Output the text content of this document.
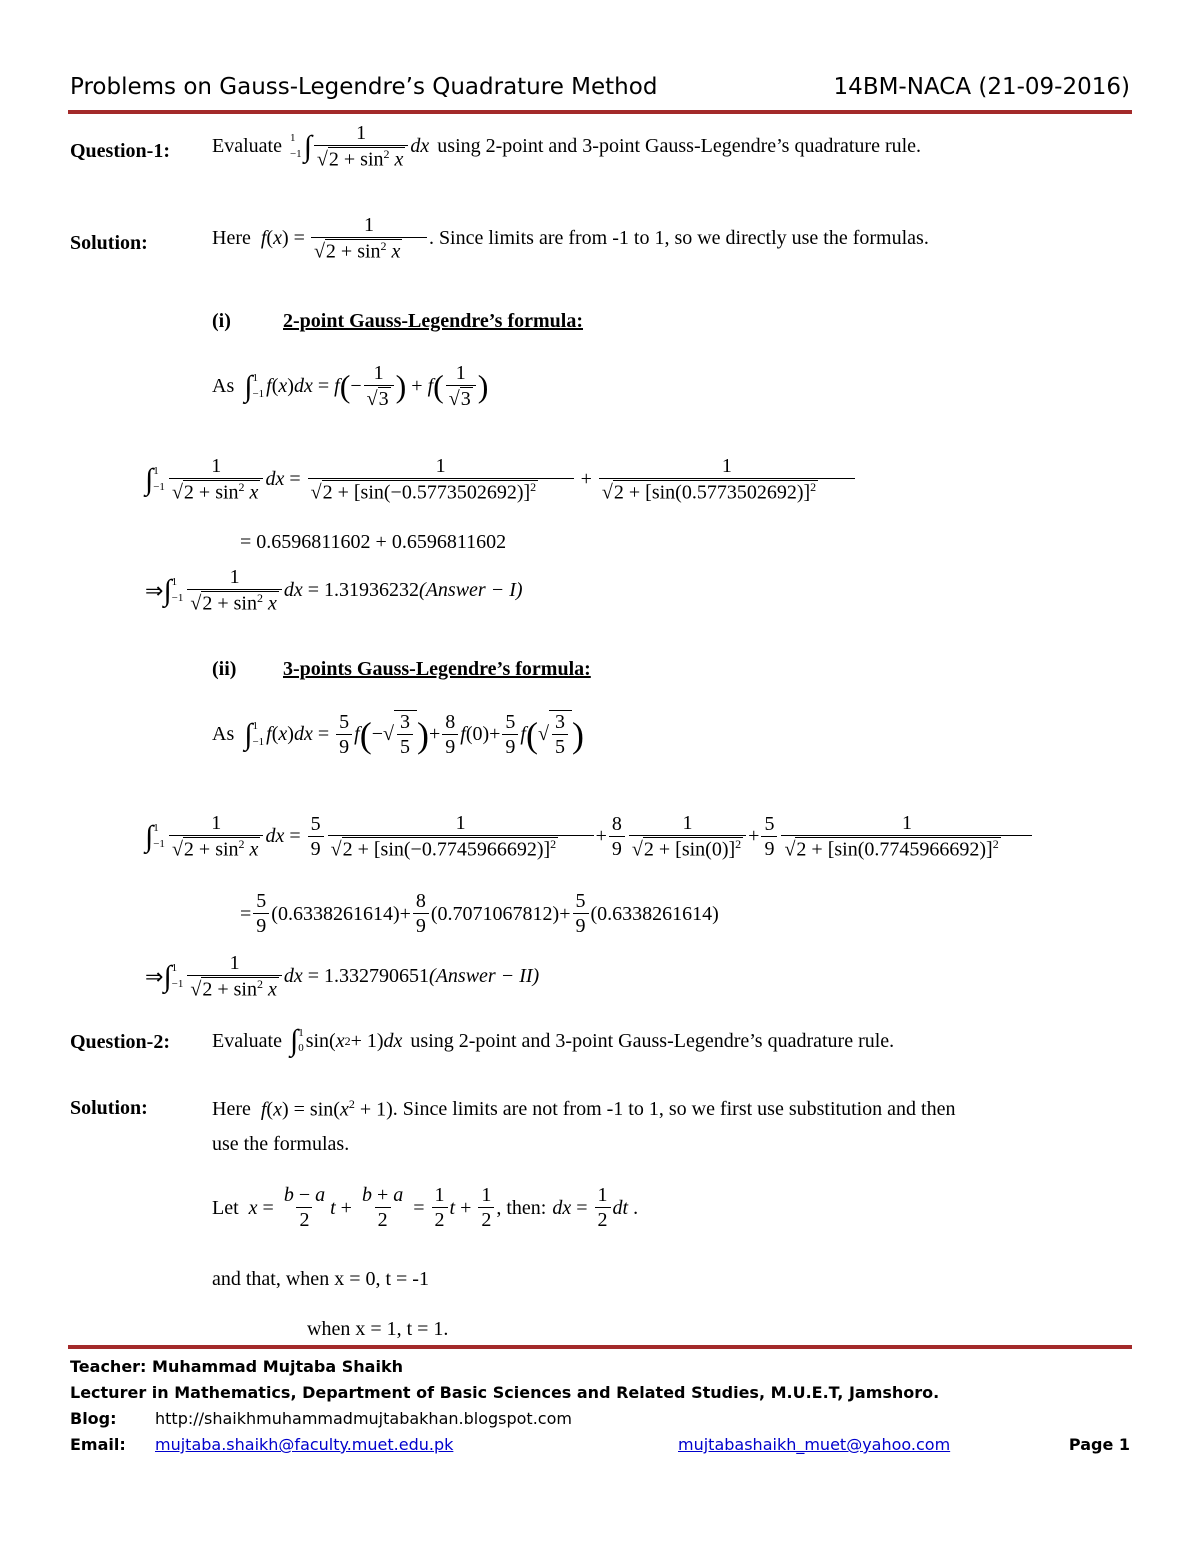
Problems on Gauss-Legendre’s Quadrature Method	14BM-NACA (21-09-2016)
Question-1: Evaluate 1
−1 ∫ $\frac{1}{√2 + \sin^2 x}$ dx using 2-point and 3-point Gauss-Legendre’s quadrature rule.
Solution:	Here $f(x) = \frac{1}{√2 + \sin^2 x}$ . Since limits are from -1 to 1, so we directly use the formulas.
(i)	2-point Gauss-Legendre’s formula:
As ∫ 1
−1 f ( x ) dx = f ( − $\frac{1}{√3}$ ) + f ( $\frac{1}{√3}$ )
∫ 1
$-1 \frac{1}{√2 + \sin^2 x}$ dx = $\frac{1}{√2 + [\sin(-0.5773502692)]^2} + \frac{1}{√2 + [\sin(0.5773502692)]^2}$
= 0.6596811602 + 0.6596811602
⇒ ∫ 1
$-1 \frac{1}{√2 + \sin^2 x}$ dx
= 1.31936232 (Answer − I)
(ii) 3-points Gauss-Legendre’s formula:
As ∫ 1
−1 f ( x ) dx = $\frac{5}{9}$ f ( −√ $\frac{3}{5}$ ) + $\frac{8}{9}$ f $(0)+ \frac{5}{9}$ f ( √ $\frac{3}{5}$ )
∫ 1
$-1 \frac{1}{√2 + \sin^2 x}$ dx = $\frac{5}{9} \frac{1}{√2 + [\sin(-0.7745966692)]^2} + \frac{8}{9} \frac{1}{√2 + [\sin(0)]^2} + \frac{5}{9} \frac{1}{√2 + [\sin(0.7745966692)]^2}$
= $\frac{5}{9} (0.6338261614) + \frac{8}{9} (0.7071067812) + \frac{5}{9} (0.6338261614)$
⇒ ∫ 1
$-1 \frac{1}{√2 + \sin^2 x}$ dx
= 1.332790651 (Answer − II)
Question-2: Evaluate ∫ 1
0 sin( x 2 + 1) dx using 2-point and 3-point Gauss-Legendre’s quadrature rule.
Solution:	Here $f(x) = \sin(x^2 + 1)$ . Since limits are not from -1 to 1, so we first use substitution and then
use the formulas.
Let $x = \frac{b - a}{2}$ $t + \frac{b + a}{2} = \frac{1}{2}$ $t + \frac{1}{2}$ , then: dx = $\frac{1}{2}$ dt .
and that, when x = 0, t = -1
when x = 1, t = 1.
Teacher: Muhammad Mujtaba Shaikh
Lecturer in Mathematics, Department of Basic Sciences and Related Studies, M.U.E.T, Jamshoro.
Blog: http://shaikhmuhammadmujtabakhan.blogspot.com
Email: mujtaba.shaikh@faculty.muet.edu.pk	mujtabashaikh_muet@yahoo.com	Page 1
